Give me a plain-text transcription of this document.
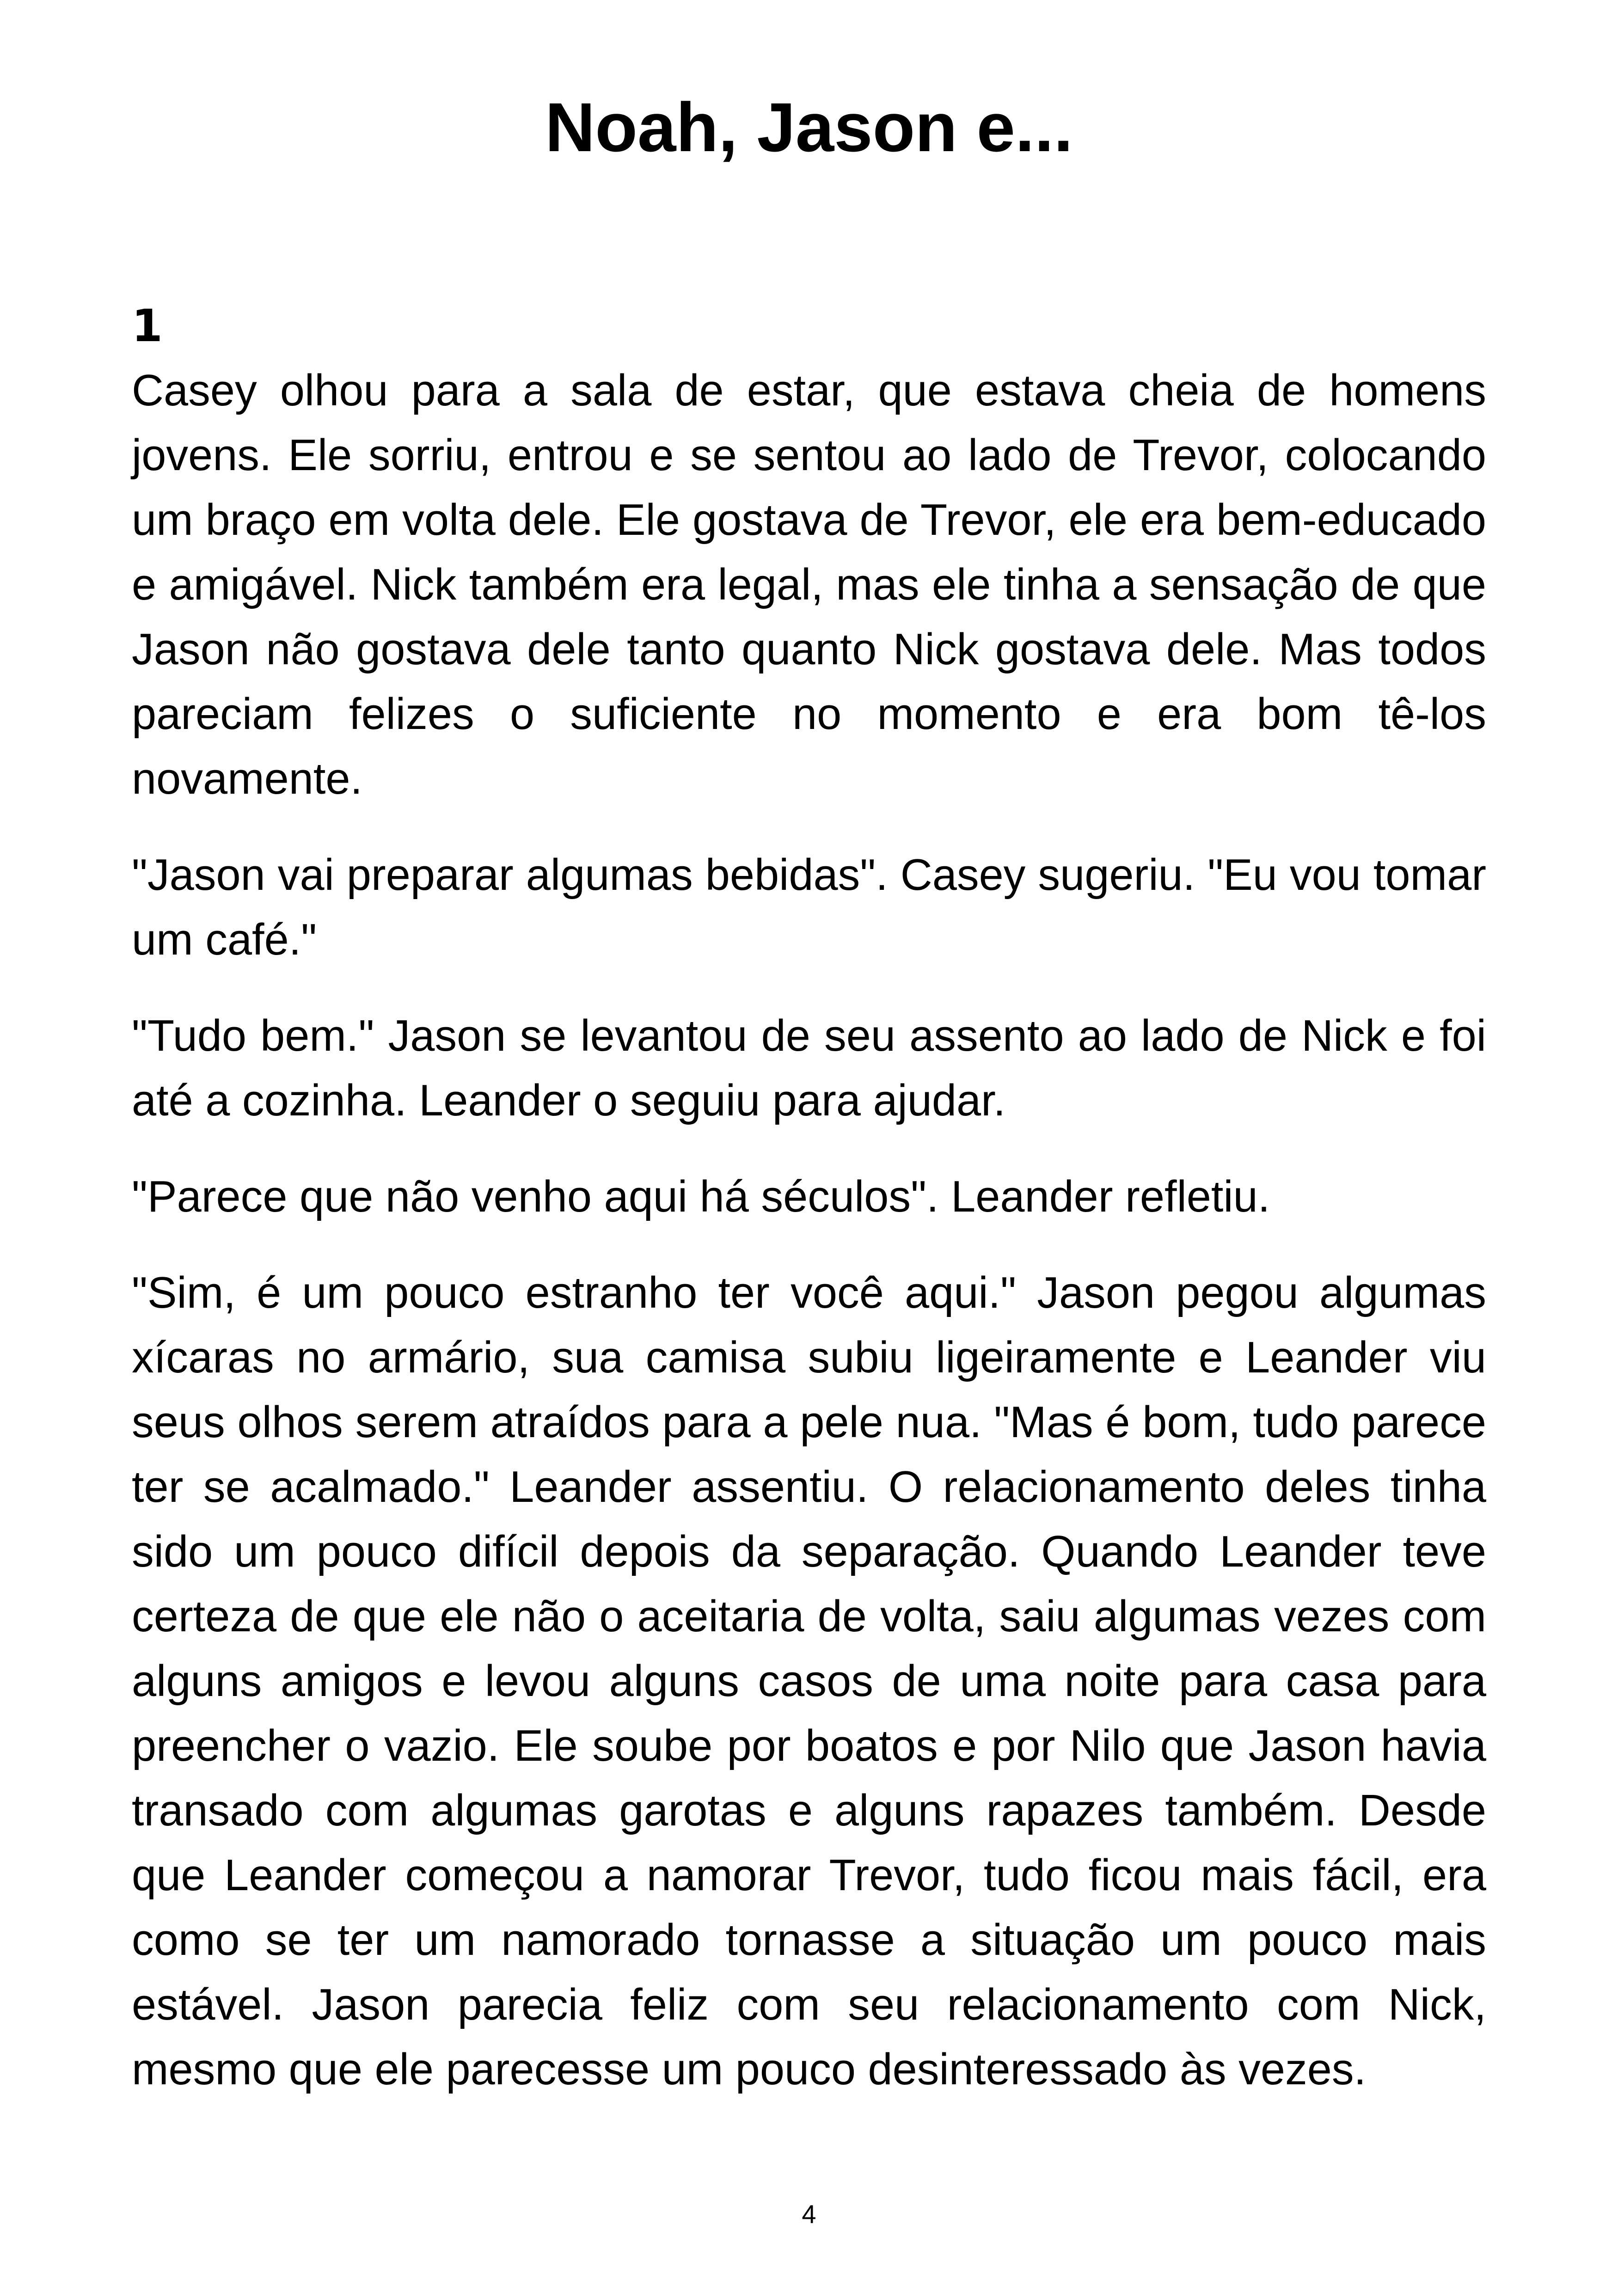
Noah, Jason e...
1

Casey olhou para a sala de estar, que estava cheia de homens jovens. Ele sorriu, entrou e se sentou ao lado de Trevor, colocando um braço em volta dele. Ele gostava de Trevor, ele era bem-educado e amigável. Nick também era legal, mas ele tinha a sensação de que Jason não gostava dele tanto quanto Nick gostava dele. Mas todos pareciam felizes o suficiente no momento e era bom tê-los novamente.

"Jason vai preparar algumas bebidas". Casey sugeriu. "Eu vou tomar um café."

"Tudo bem." Jason se levantou de seu assento ao lado de Nick e foi até a cozinha. Leander o seguiu para ajudar.

"Parece que não venho aqui há séculos". Leander refletiu.

"Sim, é um pouco estranho ter você aqui." Jason pegou algumas xícaras no armário, sua camisa subiu ligeiramente e Leander viu seus olhos serem atraídos para a pele nua. "Mas é bom, tudo parece ter se acalmado." Leander assentiu. O relacionamento deles tinha sido um pouco difícil depois da separação. Quando Leander teve certeza de que ele não o aceitaria de volta, saiu algumas vezes com alguns amigos e levou alguns casos de uma noite para casa para preencher o vazio. Ele soube por boatos e por Nilo que Jason havia transado com algumas garotas e alguns rapazes também. Desde que Leander começou a namorar Trevor, tudo ficou mais fácil, era como se ter um namorado tornasse a situação um pouco mais estável. Jason parecia feliz com seu relacionamento com Nick, mesmo que ele parecesse um pouco desinteressado às vezes.

4
